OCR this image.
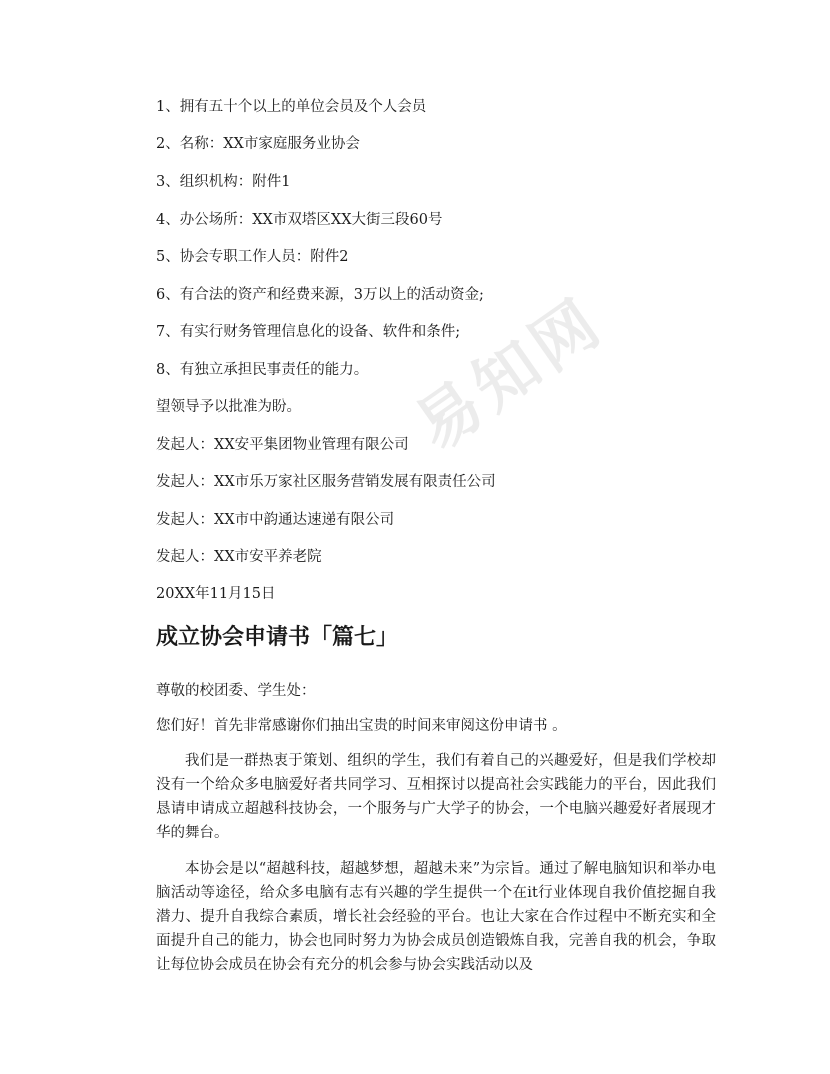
易知网
1、拥有五十个以上的单位会员及个人会员
2、名称：XX市家庭服务业协会
3、组织机构：附件1
4、办公场所：XX市双塔区XX大街三段60号
5、协会专职工作人员：附件2
6、有合法的资产和经费来源，3万以上的活动资金;
7、有实行财务管理信息化的设备、软件和条件;
8、有独立承担民事责任的能力。
望领导予以批准为盼。
发起人：XX安平集团物业管理有限公司
发起人：XX市乐万家社区服务营销发展有限责任公司
发起人：XX市中韵通达速递有限公司
发起人：XX市安平养老院
20XX年11月15日
成立协会申请书「篇七」
尊敬的校团委、学生处：
您们好！首先非常感谢你们抽出宝贵的时间来审阅这份申请书 。
我们是一群热衷于策划、组织的学生，我们有着自己的兴趣爱好，但是我们学校却没有一个给众多电脑爱好者共同学习、互相探讨以提高社会实践能力的平台，因此我们恳请申请成立超越科技协会，一个服务与广大学子的协会，一个电脑兴趣爱好者展现才华的舞台。
本协会是以“超越科技，超越梦想，超越未来”为宗旨。通过了解电脑知识和举办电脑活动等途径，给众多电脑有志有兴趣的学生提供一个在it行业体现自我价值挖掘自我潜力、提升自我综合素质，增长社会经验的平台。也让大家在合作过程中不断充实和全面提升自己的能力，协会也同时努力为协会成员创造锻炼自我，完善自我的机会，争取让每位协会成员在协会有充分的机会参与协会实践活动以及
